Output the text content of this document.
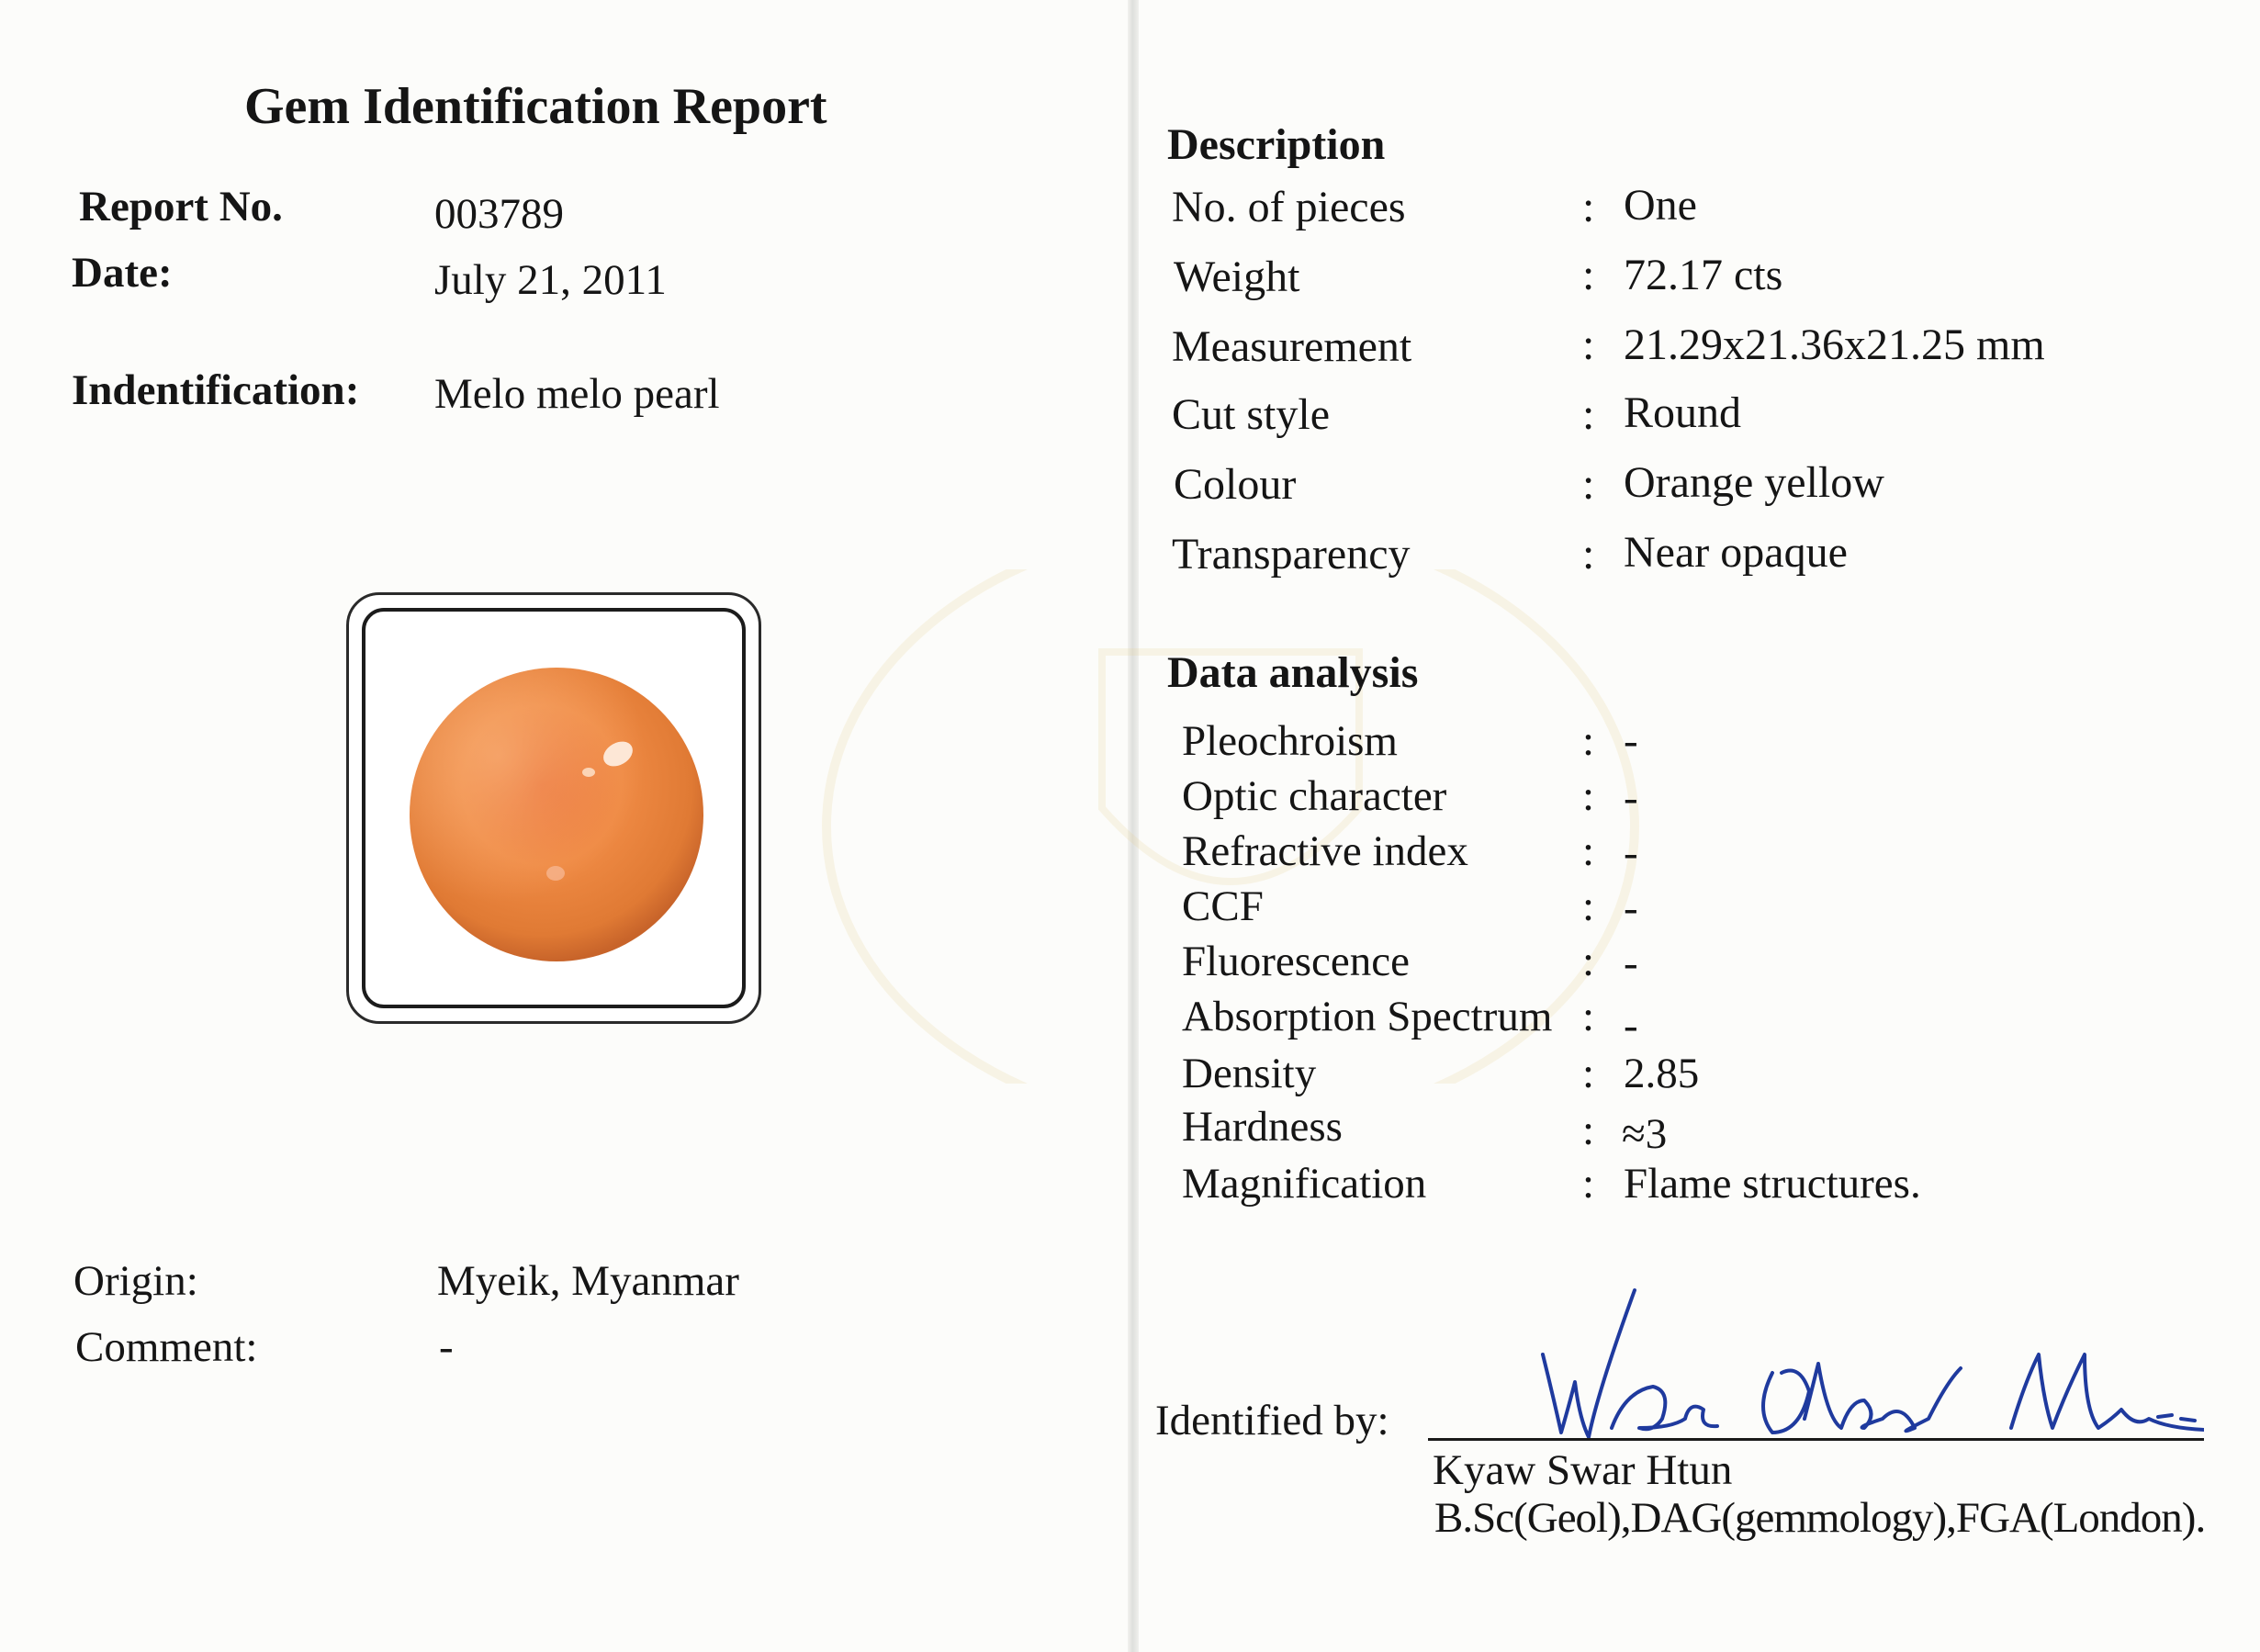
Gem Identification Report
Report No.	003789
Date:	July 21, 2011
Indentification: Melo melo pearl
Origin:	Myeik, Myanmar
Comment:	-
Description
No. of pieces	: One
Weight	: 72.17 cts
Measurement	: 21.29x21.36x21.25 mm
Cut style	: Round
Colour	: Orange yellow
Transparency	: Near opaque
Data analysis
Pleochroism	: -
Optic character	: -
Refractive index	: -
CCF	: -
Fluorescence	: -
Absorption Spectrum : -
Density	: 2.85
Hardness	: ≈3
Magnification	: Flame structures.
Identified by:
Kyaw Swar Htun
B.Sc(Geol),DAG(gemmology),FGA(London).
